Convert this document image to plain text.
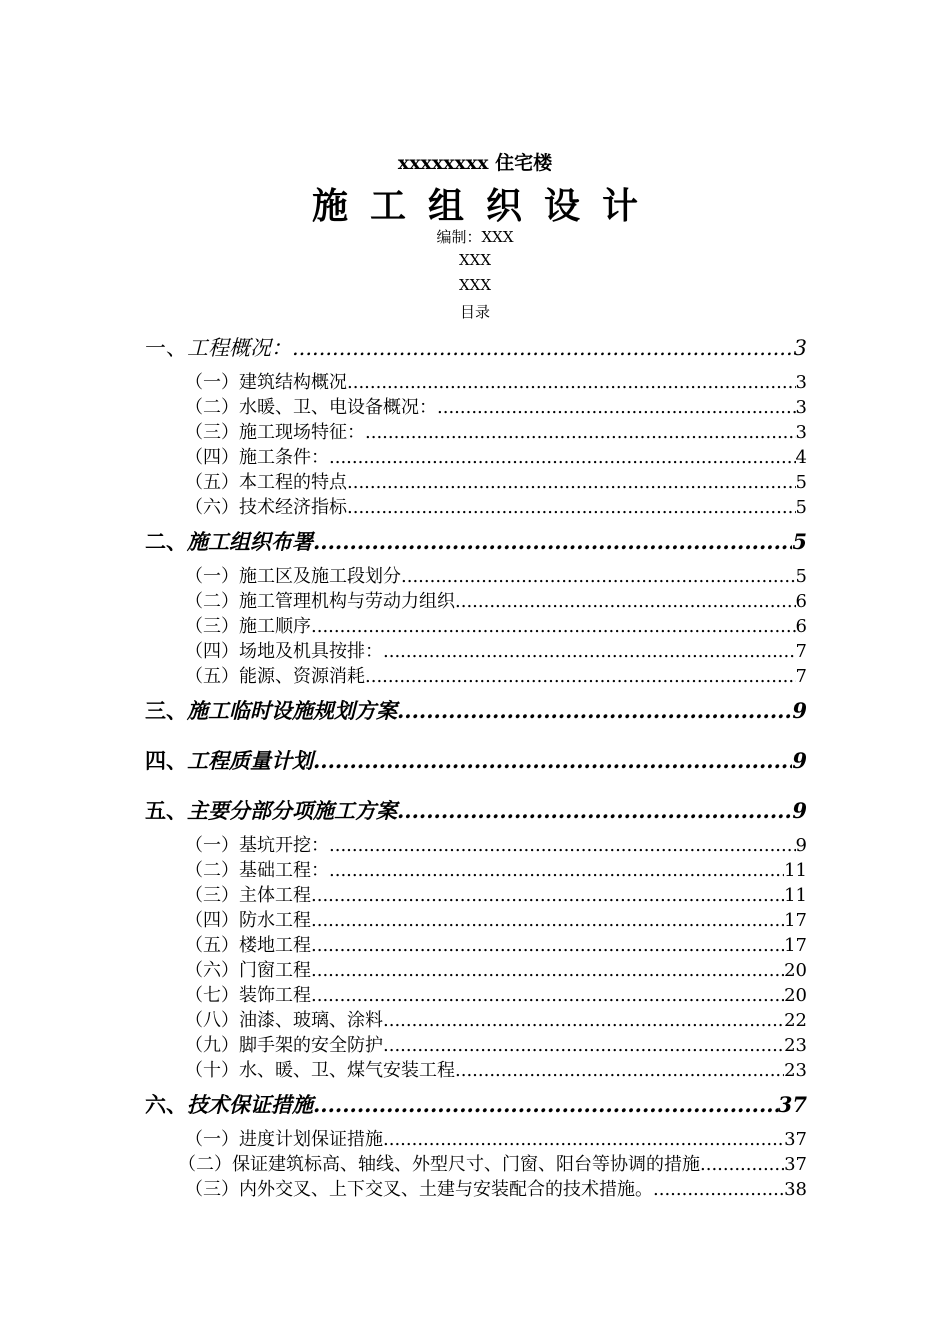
xxxxxxxx 住宅楼
施工组织设计
编制：XXX
XXX
XXX
目录
一、工程概况： .....	3
（一）建筑结构概况 .....	3
（二）水暖、卫、电设备概况： .....	3
（三）施工现场特征： .....	3
（四）施工条件： .....	4
（五）本工程的特点 .....	5
（六）技术经济指标 .....	5
二、施工组织布署 .....	5
（一）施工区及施工段划分 .....	5
（二）施工管理机构与劳动力组织 .....	6
（三）施工顺序 .....	6
（四）场地及机具按排： .....	7
（五）能源、资源消耗 .....	7
三、施工临时设施规划方案 .....	9
四、工程质量计划 .....	9
五、主要分部分项施工方案 .....	9
（一）基坑开挖： .....	9
（二）基础工程： .....	11
（三）主体工程 .....	11
（四）防水工程 .....	17
（五）楼地工程 .....	17
（六）门窗工程 .....	20
（七）装饰工程 .....	20
（八）油漆、玻璃、涂料 .....	22
（九）脚手架的安全防护 .....	23
（十）水、暖、卫、煤气安装工程 .....	23
六、技术保证措施 .....	37
（一）进度计划保证措施 .....	37
（二）保证建筑标高、轴线、外型尺寸、门窗、阳台等协调的措施 .....	37
（三）内外交叉、上下交叉、土建与安装配合的技术措施。 .....	38
